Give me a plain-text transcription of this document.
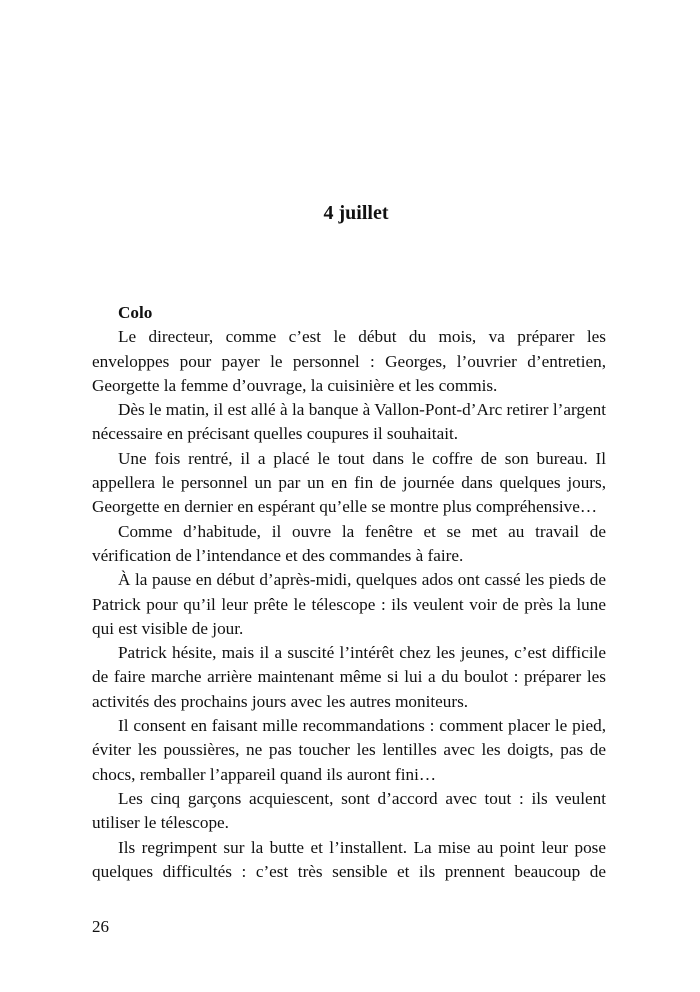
4 juillet

Colo

Le directeur, comme c’est le début du mois, va préparer les enveloppes pour payer le personnel : Georges, l’ouvrier d’entretien, Georgette la femme d’ouvrage, la cuisinière et les commis.

Dès le matin, il est allé à la banque à Vallon-Pont-d’Arc retirer l’argent nécessaire en précisant quelles coupures il souhaitait.

Une fois rentré, il a placé le tout dans le coffre de son bureau. Il appellera le personnel un par un en fin de journée dans quelques jours, Georgette en dernier en espérant qu’elle se montre plus compréhensive…

Comme d’habitude, il ouvre la fenêtre et se met au travail de vérification de l’intendance et des commandes à faire.

À la pause en début d’après-midi, quelques ados ont cassé les pieds de Patrick pour qu’il leur prête le télescope : ils veulent voir de près la lune qui est visible de jour.

Patrick hésite, mais il a suscité l’intérêt chez les jeunes, c’est difficile de faire marche arrière maintenant même si lui a du boulot : préparer les activités des prochains jours avec les autres moniteurs.

Il consent en faisant mille recommandations : comment placer le pied, éviter les poussières, ne pas toucher les lentilles avec les doigts, pas de chocs, remballer l’appareil quand ils auront fini…

Les cinq garçons acquiescent, sont d’accord avec tout : ils veulent utiliser le télescope.

Ils regrimpent sur la butte et l’installent. La mise au point leur pose quelques difficultés : c’est très sensible et ils prennent beaucoup de

26
